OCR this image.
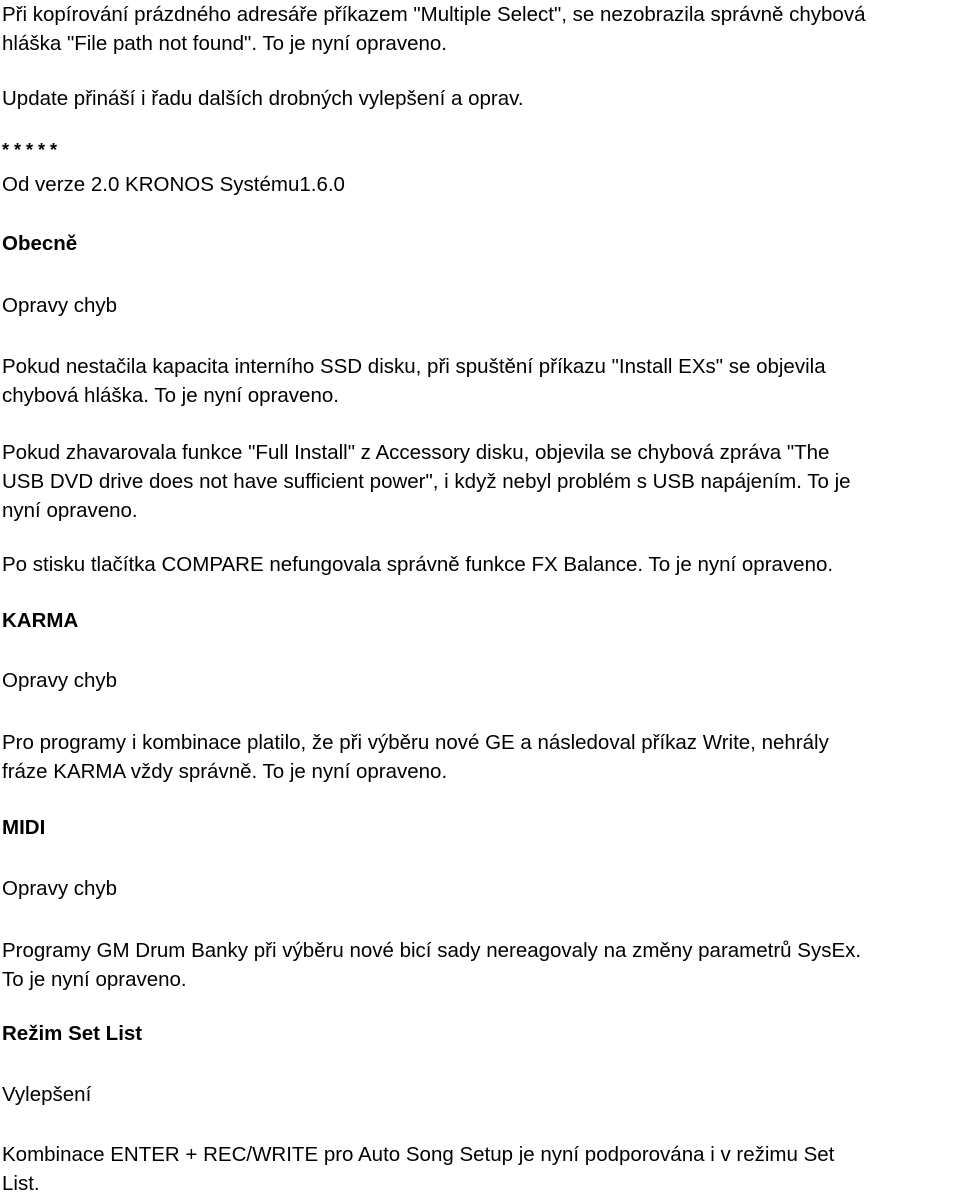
Při kopírování prázdného adresáře příkazem "Multiple Select", se nezobrazila správně chybová
hláška "File path not found". To je nyní opraveno.

Update přináší i řadu dalších drobných vylepšení a oprav.

* * * * *

Od verze 2.0 KRONOS Systému1.6.0

Obecně

Opravy chyb

Pokud nestačila kapacita interního SSD disku, při spuštění příkazu "Install EXs" se objevila
chybová hláška. To je nyní opraveno.

Pokud zhavarovala funkce "Full Install" z Accessory disku, objevila se chybová zpráva "The
USB DVD drive does not have sufficient power", i když nebyl problém s USB napájením. To je
nyní opraveno.

Po stisku tlačítka COMPARE nefungovala správně funkce FX Balance. To je nyní opraveno.

KARMA

Opravy chyb

Pro programy i kombinace platilo, že při výběru nové GE a následoval příkaz Write, nehrály
fráze KARMA vždy správně. To je nyní opraveno.

MIDI

Opravy chyb

Programy GM Drum Banky při výběru nové bicí sady nereagovaly na změny parametrů SysEx.
To je nyní opraveno.

Režim Set List

Vylepšení

Kombinace ENTER + REC/WRITE pro Auto Song Setup je nyní podporována i v režimu Set
List.
